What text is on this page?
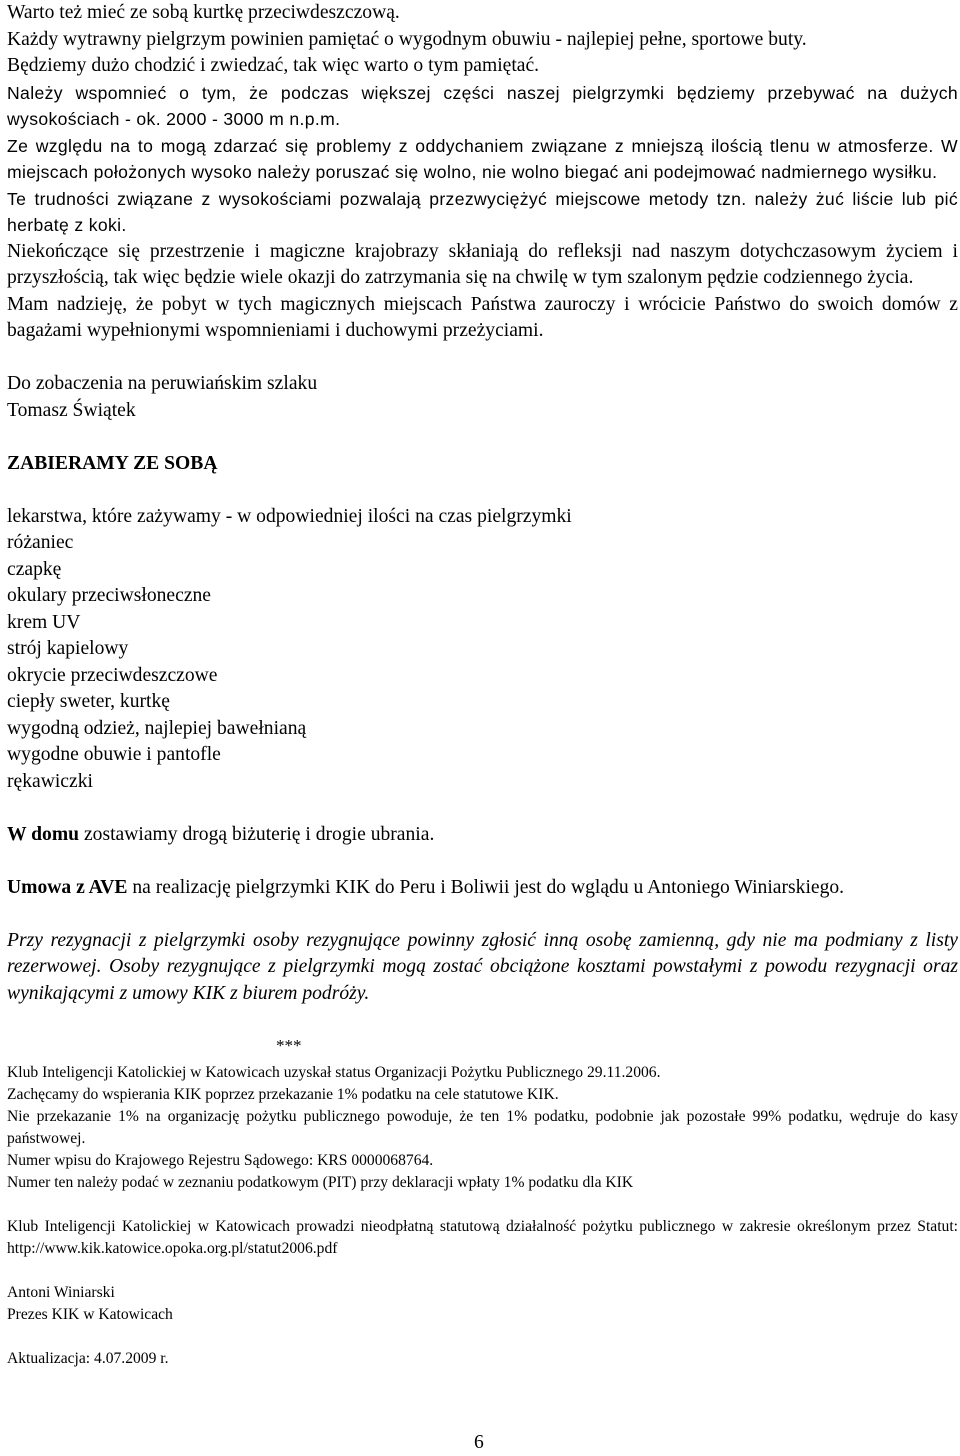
Warto też mieć ze sobą kurtkę przeciwdeszczową.

Każdy wytrawny pielgrzym powinien pamiętać o wygodnym obuwiu - najlepiej pełne, sportowe buty.

Będziemy dużo chodzić i zwiedzać, tak więc warto o tym pamiętać.

Należy wspomnieć o tym, że podczas większej części naszej pielgrzymki będziemy przebywać na dużych wysokościach - ok. 2000 - 3000 m n.p.m.

Ze względu na to mogą zdarzać się problemy z oddychaniem związane z mniejszą ilością tlenu w atmosferze. W miejscach położonych wysoko należy poruszać się wolno, nie wolno biegać ani podejmować nadmiernego wysiłku.

Te trudności związane z wysokościami pozwalają przezwyciężyć miejscowe metody tzn. należy żuć liście lub pić herbatę z koki.

Niekończące się przestrzenie i magiczne krajobrazy skłaniają do refleksji nad naszym dotychczasowym życiem i przyszłością, tak więc będzie wiele okazji do zatrzymania się na chwilę w tym szalonym pędzie codziennego życia.

Mam nadzieję, że pobyt w tych magicznych miejscach Państwa zauroczy i wrócicie Państwo do swoich domów z bagażami wypełnionymi wspomnieniami i duchowymi przeżyciami.

Do zobaczenia na peruwiańskim szlaku

Tomasz Świątek

ZABIERAMY ZE SOBĄ

lekarstwa, które zażywamy - w odpowiedniej ilości na czas pielgrzymki
różaniec
czapkę
okulary przeciwsłoneczne
krem UV
strój kapielowy
okrycie przeciwdeszczowe
ciepły sweter, kurtkę
wygodną odzież, najlepiej bawełnianą
wygodne obuwie i pantofle
rękawiczki

W domu zostawiamy drogą biżuterię i drogie ubrania.

Umowa z AVE na realizację pielgrzymki KIK do Peru i Boliwii jest do wglądu u Antoniego Winiarskiego.

Przy rezygnacji z pielgrzymki osoby rezygnujące powinny zgłosić inną osobę zamienną, gdy nie ma podmiany z listy rezerwowej. Osoby rezygnujące z pielgrzymki mogą zostać obciążone kosztami powstałymi z powodu rezygnacji oraz wynikającymi z umowy KIK z biurem podróży.

***

Klub Inteligencji Katolickiej w Katowicach uzyskał status Organizacji Pożytku Publicznego 29.11.2006.

Zachęcamy do wspierania KIK poprzez przekazanie 1% podatku na cele statutowe KIK.

Nie przekazanie 1% na organizację pożytku publicznego powoduje, że ten 1% podatku, podobnie jak pozostałe 99% podatku, wędruje do kasy państwowej.

Numer wpisu do Krajowego Rejestru Sądowego: KRS 0000068764.

Numer ten należy podać w zeznaniu podatkowym (PIT) przy deklaracji wpłaty 1% podatku dla KIK

Klub Inteligencji Katolickiej w Katowicach prowadzi nieodpłatną statutową działalność pożytku publicznego w zakresie określonym przez Statut: http://www.kik.katowice.opoka.org.pl/statut2006.pdf

Antoni Winiarski

Prezes KIK w Katowicach

Aktualizacja: 4.07.2009 r.

6
